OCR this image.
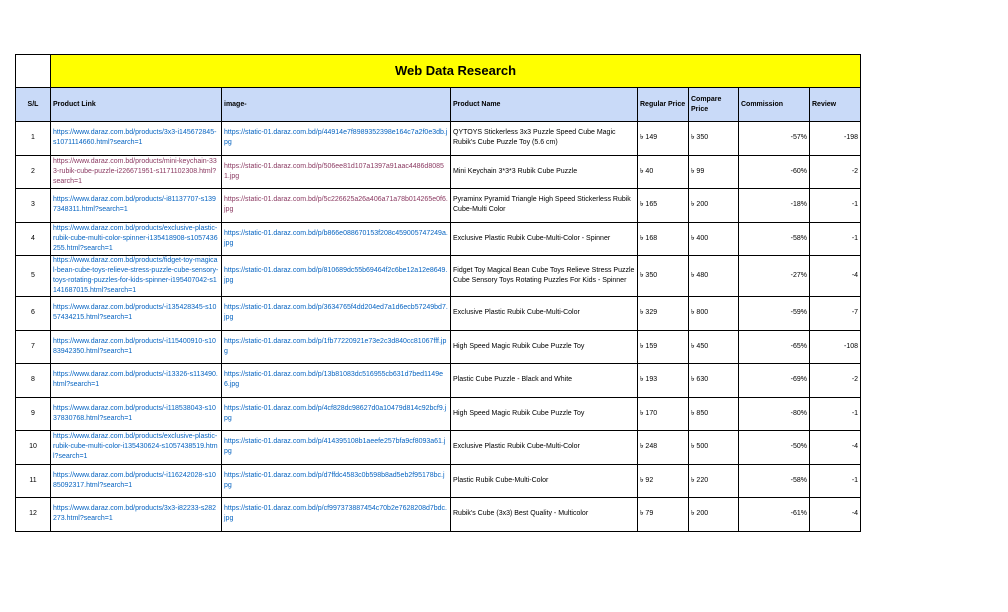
	Web Data Research						
S/L	Product Link	image-	Product Name	Regular Price	Compare Price	Commission	Review
1	https://www.daraz.com.bd/products/3x3-i145672845-s1071114660.html?search=1	https://static-01.daraz.com.bd/p/44914e7f8989352398e164c7a2f0e3db.jpg	QYTOYS Stickerless 3x3 Puzzle Speed Cube Magic Rubik's Cube Puzzle Toy (5.6 cm)	৳ 149	৳ 350	-57%	-198
2	https://www.daraz.com.bd/products/mini-keychain-333-rubik-cube-puzzle-i226671951-s1171102308.html?search=1	https://static-01.daraz.com.bd/p/506ee81d107a1397a91aac4486d80851.jpg	Mini Keychain 3*3*3 Rubik Cube Puzzle	৳ 40	৳ 99	-60%	-2
3	https://www.daraz.com.bd/products/-i81137707-s1397348311.html?search=1	https://static-01.daraz.com.bd/p/5c226625a26a406a71a78b014265e0f6.jpg	Pyraminx Pyramid Triangle High Speed Stickerless Rubik Cube-Multi Color	৳ 165	৳ 200	-18%	-1
4	https://www.daraz.com.bd/products/exclusive-plastic-rubik-cube-multi-color-spinner-i135418908-s1057436255.html?search=1	https://static-01.daraz.com.bd/p/b866e088670153f208c459005747249a.jpg	Exclusive Plastic Rubik Cube-Multi-Color - Spinner	৳ 168	৳ 400	-58%	-1
5	https://www.daraz.com.bd/products/fidget-toy-magical-bean-cube-toys-relieve-stress-puzzle-cube-sensory-toys-rotating-puzzles-for-kids-spinner-i195407042-s1141687015.html?search=1	https://static-01.daraz.com.bd/p/810689dc55b69464f2c6be12a12e8649.jpg	Fidget Toy Magical Bean Cube Toys Relieve Stress Puzzle Cube Sensory Toys Rotating Puzzles For Kids - Spinner	৳ 350	৳ 480	-27%	-4
6	https://www.daraz.com.bd/products/-i135428345-s1057434215.html?search=1	https://static-01.daraz.com.bd/p/3634765f4dd204ed7a1d6ecb57249bd7.jpg	Exclusive Plastic Rubik Cube-Multi-Color	৳ 329	৳ 800	-59%	-7
7	https://www.daraz.com.bd/products/-i115400910-s1083942350.html?search=1	https://static-01.daraz.com.bd/p/1fb77220921e73e2c3d840cc81067fff.jpg	High Speed Magic Rubik Cube Puzzle Toy	৳ 159	৳ 450	-65%	-108
8	https://www.daraz.com.bd/products/-i13326-s113490.html?search=1	https://static-01.daraz.com.bd/p/13b81083dc516955cb631d7bed1149e6.jpg	Plastic Cube Puzzle - Black and White	৳ 193	৳ 630	-69%	-2
9	https://www.daraz.com.bd/products/-i118538043-s1037830768.html?search=1	https://static-01.daraz.com.bd/p/4cf828dc98627d0a10479d814c92bcf9.jpg	High Speed Magic Rubik Cube Puzzle Toy	৳ 170	৳ 850	-80%	-1
10	https://www.daraz.com.bd/products/exclusive-plastic-rubik-cube-multi-color-i135430624-s1057438519.html?search=1	https://static-01.daraz.com.bd/p/414395108b1aeefe257bfa9cf8093a61.jpg	Exclusive Plastic Rubik Cube-Multi-Color	৳ 248	৳ 500	-50%	-4
11	https://www.daraz.com.bd/products/-i116242028-s1085092317.html?search=1	https://static-01.daraz.com.bd/p/d7ffdc4583c0b598b8ad5eb2f95178bc.jpg	Plastic Rubik Cube-Multi-Color	৳ 92	৳ 220	-58%	-1
12	https://www.daraz.com.bd/products/3x3-i82233-s282273.html?search=1	https://static-01.daraz.com.bd/p/cf997373887454c70b2e7628208d7bdc.jpg	Rubik's Cube (3x3) Best Quality - Multicolor	৳ 79	৳ 200	-61%	-4
